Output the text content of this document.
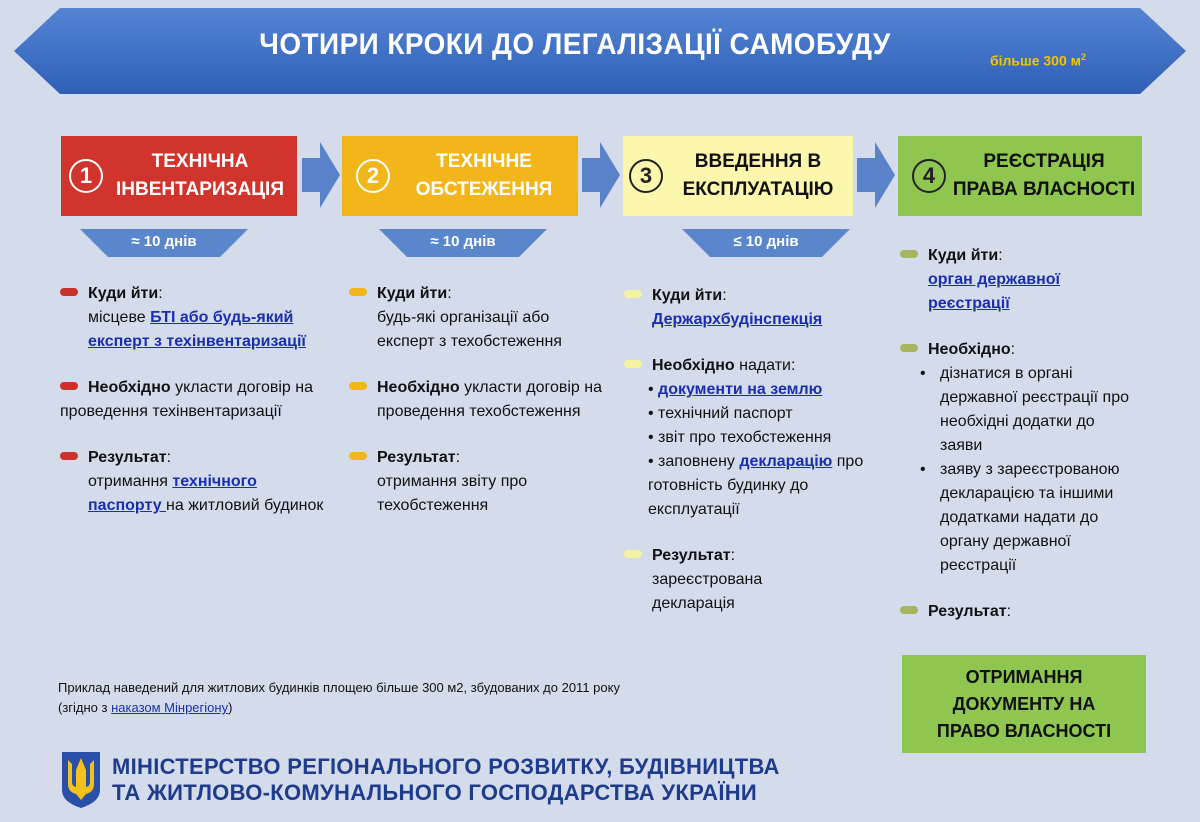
ЧОТИРИ КРОКИ ДО ЛЕГАЛІЗАЦІЇ САМОБУДУ	більше 300 $м^2$
1
ТЕХНІЧНА
ІНВЕНТАРИЗАЦІЯ
2
ТЕХНІЧНЕ
ОБСТЕЖЕННЯ
3
ВВЕДЕННЯ В
ЕКСПЛУАТАЦІЮ
4
РЕЄСТРАЦІЯ
ПРАВА ВЛАСНОСТІ
≈ 10 днів	≈ 10 днів	≤ 10 днів
Куди йти:
місцеве БТІ або будь-який експерт з техінвентаризації
Необхідно укласти договір на проведення техінвентаризації
Результат:
отримання технічного паспорту на житловий будинок
Куди йти:
будь-які організації або експерт з техобстеження
Необхідно укласти договір на проведення техобстеження
Результат:
отримання звіту про техобстеження
Куди йти:
Держархбудінспекція
Необхідно надати:
• документи на землю
• технічний паспорт
• звіт про техобстеження
• заповнену декларацію про готовність будинку до експлуатації
Результат:
зареєстрована декларація
Куди йти:
орган державної реєстрації
Необхідно:
• дізнатися в органі державної реєстрації про необхідні додатки до заяви
• заяву з зареєстрованою декларацією та іншими додатками надати до органу державної реєстрації
Результат:
ОТРИМАННЯ
ДОКУМЕНТУ НА
ПРАВО ВЛАСНОСТІ
Приклад наведений для житлових будинків площею більше 300 м2, збудованих до 2011 року
(згідно з наказом Мінрегіону)
МІНІСТЕРСТВО РЕГІОНАЛЬНОГО РОЗВИТКУ, БУДІВНИЦТВА
ТА ЖИТЛОВО-КОМУНАЛЬНОГО ГОСПОДАРСТВА УКРАЇНИ
